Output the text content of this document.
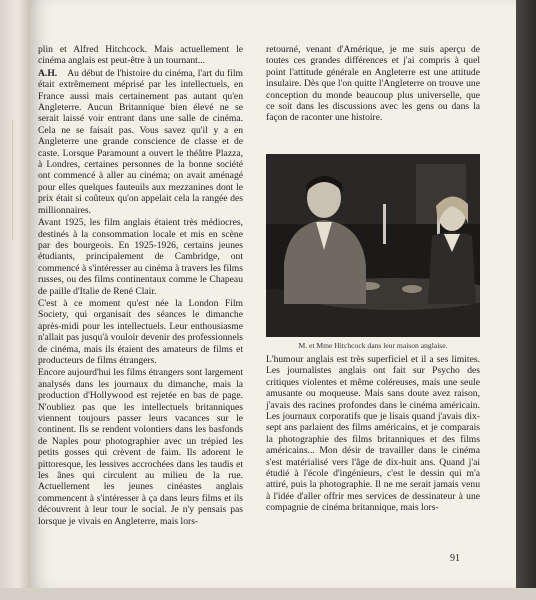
plin et Alfred Hitchcock. Mais actuellement le cinéma anglais est peut-être à un tournant...

A.H. Au début de l'histoire du cinéma, l'art du film était extrêmement méprisé par les intellectuels, en France aussi mais certainement pas autant qu'en Angleterre. Aucun Britannique bien élevé ne se serait laissé voir entrant dans une salle de cinéma. Cela ne se faisait pas. Vous savez qu'il y a en Angleterre une grande conscience de classe et de caste. Lorsque Paramount a ouvert le théâtre Plazza, à Londres, certaines personnes de la bonne société ont commencé à aller au cinéma; on avait aménagé pour elles quelques fauteuils aux mezzanines dont le prix était si coûteux qu'on appelait cela la rangée des millionnaires.

Avant 1925, les film anglais étaient très médiocres, destinés à la consommation locale et mis en scène par des bourgeois. En 1925-1926, certains jeunes étudiants, principalement de Cambridge, ont commencé à s'intéresser au cinéma à travers les films russes, ou des films continentaux comme le Chapeau de paille d'Italie de René Clair.

C'est à ce moment qu'est née la London Film Society, qui organisait des séances le dimanche après-midi pour les intellectuels. Leur enthousiasme n'allait pas jusqu'à vouloir devenir des professionnels de cinéma, mais ils étaient des amateurs de films et producteurs de films étrangers.

Encore aujourd'hui les films étrangers sont largement analysés dans les journaux du dimanche, mais la production d'Hollywood est rejetée en bas de page. N'oubliez pas que les intellectuels britanniques viennent toujours passer leurs vacances sur le continent. Ils se rendent volontiers dans les basfonds de Naples pour photographier avec un trépied les petits gosses qui crèvent de faim. Ils adorent le pittoresque, les lessives accrochées dans les taudis et les ânes qui circulent au milieu de la rue. Actuellement les jeunes cinéastes anglais commencent à s'intéresser à ça dans leurs films et ils découvrent à leur tour le social. Je n'y pensais pas lorsque je vivais en Angleterre, mais lors-

retourné, venant d'Amérique, je me suis aperçu de toutes ces grandes différences et j'ai compris à quel point l'attitude générale en Angleterre est une attitude insulaire. Dès que l'on quitte l'Angleterre on trouve une conception du monde beaucoup plus universelle, que ce soit dans les discussions avec les gens ou dans la façon de raconter une histoire.

M. et Mme Hitchcock dans leur maison anglaise.

L'humour anglais est très superficiel et il a ses limites. Les journalistes anglais ont fait sur Psycho des critiques violentes et même coléreuses, mais une seule amusante ou moqueuse. Mais sans doute avez raison, j'avais des racines profondes dans le cinéma américain. Les journaux corporatifs que je lisais quand j'avais dix-sept ans parlaient des films américains, et je comparais la photographie des films britanniques et des films américains... Mon désir de travailler dans le cinéma s'est matérialisé vers l'âge de dix-huit ans. Quand j'ai étudié à l'école d'ingénieurs, c'est le dessin qui m'a attiré, puis la photographie. Il ne me serait jamais venu à l'idée d'aller offrir mes services de dessinateur à une compagnie de cinéma britannique, mais lors-

91
